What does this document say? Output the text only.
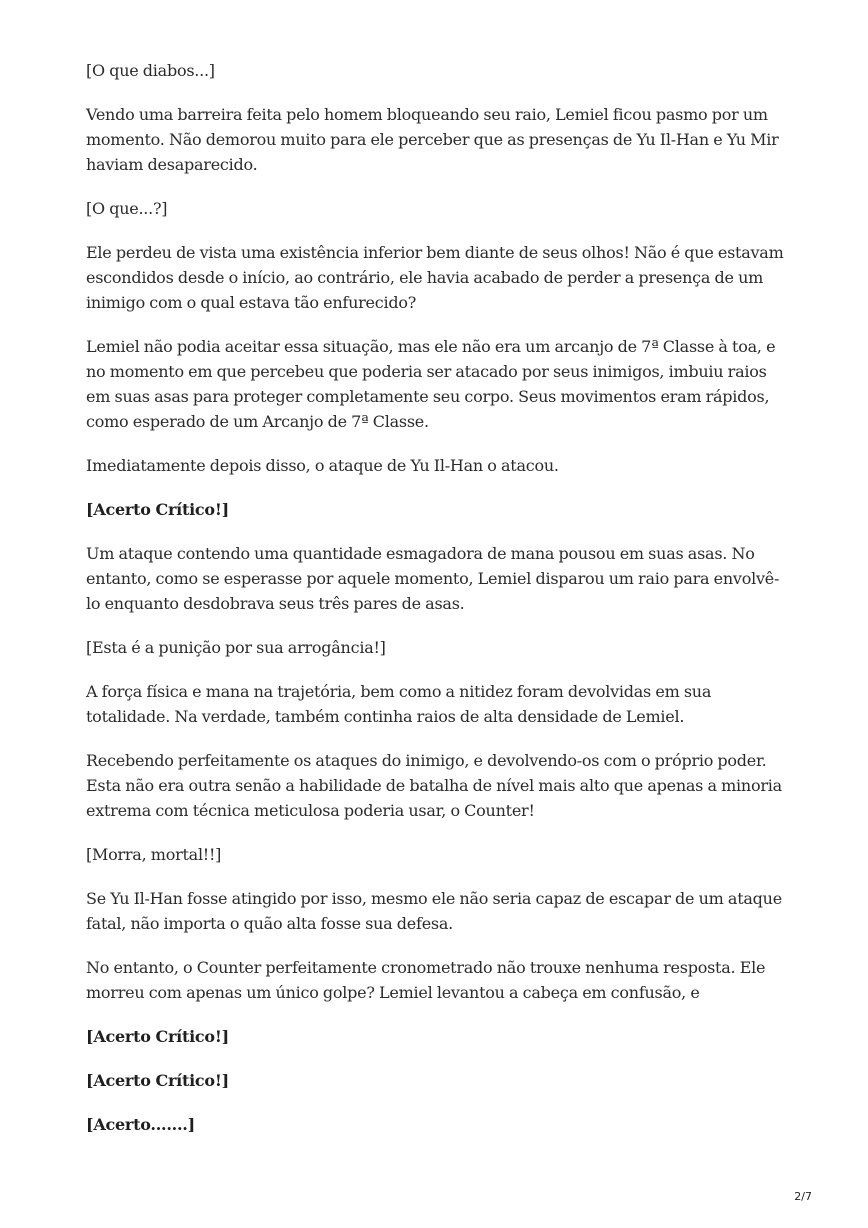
[O que diabos...]

Vendo uma barreira feita pelo homem bloqueando seu raio, Lemiel ficou pasmo por um momento. Não demorou muito para ele perceber que as presenças de Yu Il-Han e Yu Mir haviam desaparecido.

[O que...?]

Ele perdeu de vista uma existência inferior bem diante de seus olhos! Não é que estavam escondidos desde o início, ao contrário, ele havia acabado de perder a presença de um inimigo com o qual estava tão enfurecido?

Lemiel não podia aceitar essa situação, mas ele não era um arcanjo de 7ª Classe à toa, e no momento em que percebeu que poderia ser atacado por seus inimigos, imbuiu raios em suas asas para proteger completamente seu corpo. Seus movimentos eram rápidos, como esperado de um Arcanjo de 7ª Classe.

Imediatamente depois disso, o ataque de Yu Il-Han o atacou.

[Acerto Crítico!]

Um ataque contendo uma quantidade esmagadora de mana pousou em suas asas. No entanto, como se esperasse por aquele momento, Lemiel disparou um raio para envolvê-lo enquanto desdobrava seus três pares de asas.

[Esta é a punição por sua arrogância!]

A força física e mana na trajetória, bem como a nitidez foram devolvidas em sua totalidade. Na verdade, também continha raios de alta densidade de Lemiel.

Recebendo perfeitamente os ataques do inimigo, e devolvendo-os com o próprio poder. Esta não era outra senão a habilidade de batalha de nível mais alto que apenas a minoria extrema com técnica meticulosa poderia usar, o Counter!

[Morra, mortal!!]

Se Yu Il-Han fosse atingido por isso, mesmo ele não seria capaz de escapar de um ataque fatal, não importa o quão alta fosse sua defesa.

No entanto, o Counter perfeitamente cronometrado não trouxe nenhuma resposta. Ele morreu com apenas um único golpe? Lemiel levantou a cabeça em confusão, e

[Acerto Crítico!]

[Acerto Crítico!]

[Acerto.......]

2/7
